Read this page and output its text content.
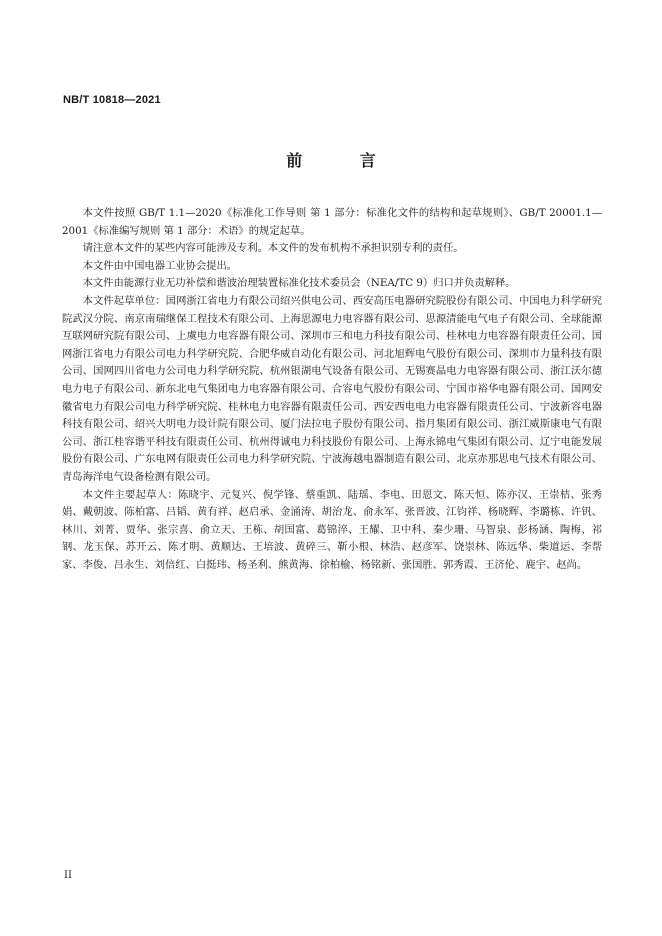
NB/T 10818—2021
前 言

本文件按照 GB/T 1.1—2020《标准化工作导则 第 1 部分：标准化文件的结构和起草规则》、GB/T 20001.1—2001《标准编写规则 第 1 部分：术语》的规定起草。

请注意本文件的某些内容可能涉及专利。本文件的发布机构不承担识别专利的责任。

本文件由中国电器工业协会提出。

本文件由能源行业无功补偿和谐波治理装置标准化技术委员会（NEA/TC 9）归口并负责解释。

本文件起草单位：国网浙江省电力有限公司绍兴供电公司、西安高压电器研究院股份有限公司、中国电力科学研究院武汉分院、南京南瑞继保工程技术有限公司、上海思源电力电容器有限公司、思源清能电气电子有限公司、全球能源互联网研究院有限公司、上虞电力电容器有限公司、深圳市三和电力科技有限公司、桂林电力电容器有限责任公司、国网浙江省电力有限公司电力科学研究院、合肥华威自动化有限公司、河北旭辉电气股份有限公司、深圳市力量科技有限公司、国网四川省电力公司电力科学研究院、杭州银湖电气设备有限公司、无锡赛晶电力电容器有限公司、浙江沃尔德电力电子有限公司、新东北电气集团电力电容器有限公司、合容电气股份有限公司、宁国市裕华电器有限公司、国网安徽省电力有限公司电力科学研究院、桂林电力电容器有限责任公司、西安西电电力电容器有限责任公司、宁波新容电器科技有限公司、绍兴大明电力设计院有限公司、厦门法拉电子股份有限公司、指月集团有限公司、浙江威斯康电气有限公司、浙江桂容谐平科技有限责任公司、杭州得诚电力科技股份有限公司、上海永锦电气集团有限公司、辽宁电能发展股份有限公司、广东电网有限责任公司电力科学研究院、宁波海越电器制造有限公司、北京赤那思电气技术有限公司、青岛海洋电气设备检测有限公司。

本文件主要起草人：陈晓宇、元复兴、倪学锋、蔡重凯、陆瑶、李电、田恩文、陈天恒、陈亦汉、王崇桔、张秀娟、戴朝波、陈柏富、吕韬、黄有祥、赵启承、金涌涛、胡治龙、俞永军、张晋波、江钧祥、杨晓辉、李璐栋、许钒、林川、刘菁、贾华、张宗喜、俞立天、王栋、胡国富、葛锦淬、王耀、卫中科、秦少珊、马智泉、彭杨涵、陶梅、祁钢、龙玉保、苏开云、陈才明、黄顺达、王培波、黄碎三、靳小根、林浩、赵彦军、饶崇林、陈远华、柴道运、李帮家、李俊、吕永生、刘倍红、白挺玮、杨圣利、熊黄海、徐柏榆、杨铭新、张国胜、郭秀霞、王济伦、鹿宇、赵尚。

II
